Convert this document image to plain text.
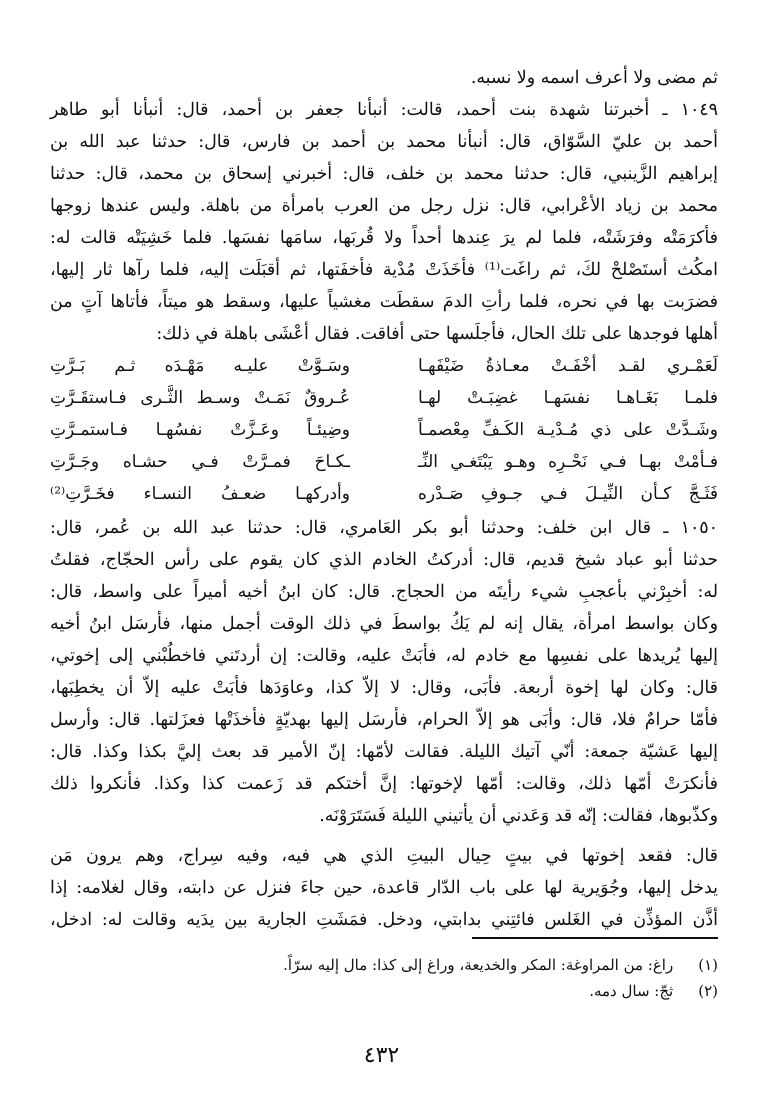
ثم مضى ولا أعرف اسمه ولا نسبه.
١٠٤٩ ـ أخبرتنا شهدة بنت أحمد، قالت: أنبأنا جعفر بن أحمد، قال: أنبأنا أبو طاهر
أحمد بن عليّ السَّوّاق، قال: أنبأنا محمد بن أحمد بن فارس، قال: حدثنا عبد الله بن
إبراهيم الزَّينبي، قال: حدثنا محمد بن خلف، قال: أخبرني إسحاق بن محمد، قال: حدثنا
محمد بن زياد الأعْرابي، قال: نزل رجل من العرب بامرأة من باهلة. وليس عندها زوجها
فأكرَمَتْه وفرَشَتْه، فلما لم يرَ عِندها أحداً ولا قُربَها، سامَها نفسَها. فلما خَشِيَتْه قالت له:
امكُث أستَصْلحْ لكَ، ثم راغَت⁽¹⁾ فأخَذَتْ مُدْية فأخفَتها، ثم أقبَلَت إليه، فلما رآها ثار إليها،
فضرَبت بها في نحره، فلما رأتِ الدمَ سقطَت مغشياً عليها، وسقط هو ميتاً، فأتاها آتٍ من
أهلها فوجدها على تلك الحال، فأجلَسها حتى أفاقت. فقال أعْشَى باهلة في ذلك:
لَعَمْـري لقـد أخْفَـتْ معـاذةُ ضَيْفَهـا
وسَـوَّتْ عليـه مَهْـدَه ثـم بَـرَّتِ
فلمـا بَغَـاهـا نفسَهـا غضِبَـتْ لهـا
عُـروقٌ نَمَـتْ وسـط الثَّـرى فـاستقَـرَّتِ
وشَـدَّتْ على ذي مُـدْيـة الكَـفِّ مِعْصمـاً
وضِيئـاً وعَـزَّتْ نفسُهـا فـاستمـرَّتِ
فـأمْتْ بهـا فـي نَحْـرِه وهـو يَبْتَغـي النِّـ
ـكـاحَ فمـرَّتْ فـي حشـاه وجَـرَّتِ
فَثَـجَّ كـأن النِّيـلَ فـي جـوفِ صَـدْره
وأدركهـا ضعـفُ النسـاء فخَـرَّتِ⁽²⁾
١٠٥٠ ـ قال ابن خلف: وحدثنا أبو بكر العَامري، قال: حدثنا عبد الله بن عُمر، قال:
حدثنا أبو عباد شيخ قديم، قال: أدركتُ الخادم الذي كان يقوم على رأس الحجّاج، فقلتُ
له: أخبِرْني بأعجبِ شيء رأيتَه من الحجاج. قال: كان ابنُ أخيه أميراً على واسط، قال:
وكان بواسط امرأة، يقال إنه لم يَكُ بواسطَ في ذلك الوقت أجمل منها، فأرسَل ابنُ أخيه
إليها يُريدها على نفسِها مع خادم له، فأبَتْ عليه، وقالت: إن أردتَني فاخطُبْني إلى إخوتي،
قال: وكان لها إخوة أربعة. فأبَى، وقال: لا إلاّ كذا، وعاوَدَها فأبَتْ عليه إلاّ أن يخطِبَها،
فأمّا حرامٌ فلا، قال: وأبَى هو إلاّ الحرام، فأرسَل إليها بهديّةٍ فأخذَتْها فعزَلتها. قال: وأرسل
إليها عَشيّة جمعة: أنّي آتيك الليلة. فقالت لأمّها: إنّ الأمير قد بعث إليَّ بكذا وكذا. قال:
فأنكرَتْ أمّها ذلك، وقالت: أمّها لإخوتها: إنَّ أختكم قد زَعمت كذا وكذا. فأنكروا ذلك
وكذّبوها، فقالت: إنّه قد وَعَدني أن يأتيني الليلة فَسَتَرَوْنَه.
قال: فقعد إخوتها في بيتٍ حِيال البيتِ الذي هي فيه، وفيه سِراج، وهم يرون مَن
يدخل إليها، وجُوَيرية لها على باب الدّار قاعدة، حين جاءَ فنزل عن دابته، وقال لغلامه: إذا
أذَّن المؤذِّن في الغَلس فائتِني بدابتي، ودخل. فمَشَتِ الجارية بين يدَيه وقالت له: ادخل،
(١) راغ: من المراوغة: المكر والخديعة، وراغ إلى كذا: مال إليه سرّاً.
(٢) ثجّ: سال دمه.
٤٣٢
